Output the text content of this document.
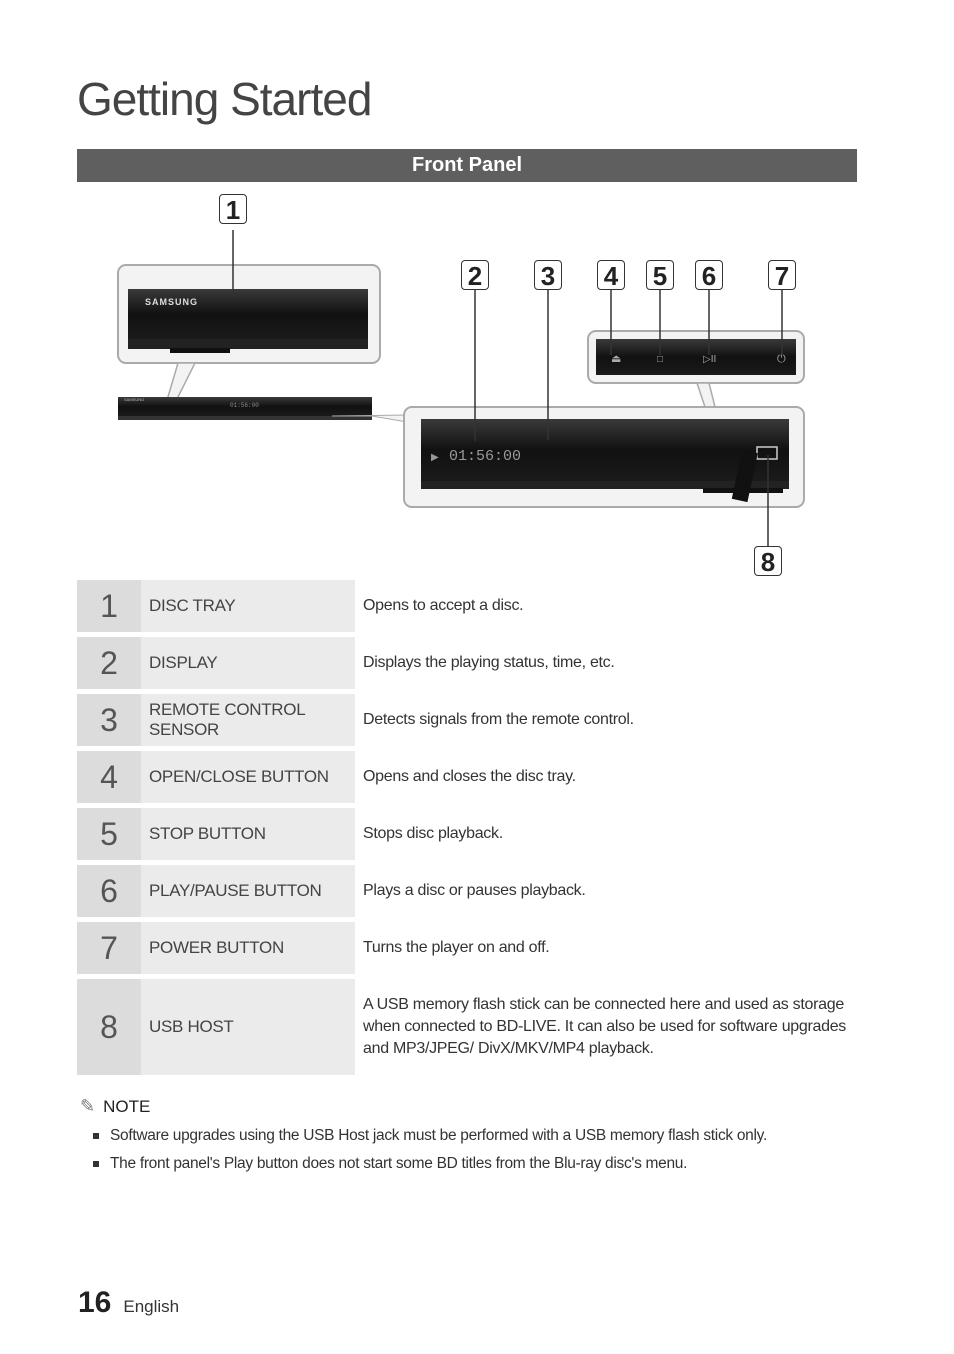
Getting Started
Front Panel
SAMSUNG
SAMSUNG
01:56:00
⏏	□	▷II	⏻
▶ 01:56:00
1
2 3 4 5 6 7
8
1	DISC TRAY	Opens to accept a disc.
2	DISPLAY	Displays the playing status, time, etc.
3	REMOTE CONTROL SENSOR	Detects signals from the remote control.
4	OPEN/CLOSE BUTTON	Opens and closes the disc tray.
5	STOP BUTTON	Stops disc playback.
6	PLAY/PAUSE BUTTON	Plays a disc or pauses playback.
7	POWER BUTTON	Turns the player on and off.
8	USB HOST	A USB memory flash stick can be connected here and used as storage when connected to BD-LIVE. It can also be used for software upgrades and MP3/JPEG/ DivX/MKV/MP4 playback.
✎ NOTE
Software upgrades using the USB Host jack must be performed with a USB memory flash stick only.
The front panel's Play button does not start some BD titles from the Blu-ray disc's menu.
16 English
